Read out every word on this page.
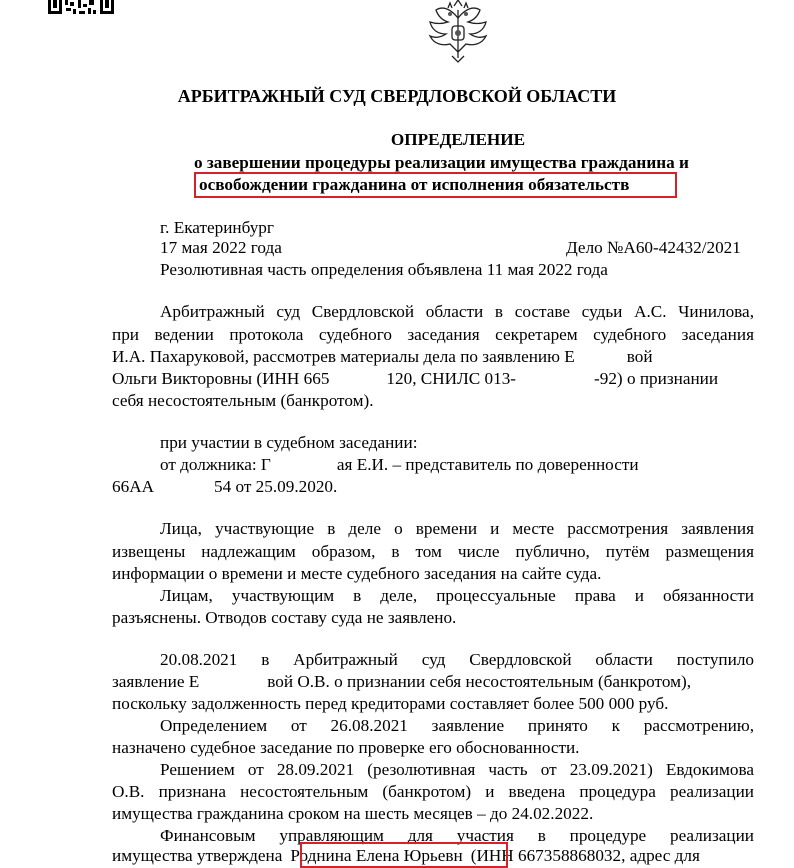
АРБИТРАЖНЫЙ СУД СВЕРДЛОВСКОЙ ОБЛАСТИ
ОПРЕДЕЛЕНИЕ
о завершении процедуры реализации имущества гражданина и
освобождении гражданина от исполнения обязательств
г. Екатеринбург
17 мая 2022 года	Дело №А60-42432/2021
Резолютивная часть определения объявлена 11 мая 2022 года
Арбитражный суд Свердловской области в составе судьи А.С. Чинилова,
при ведении протокола судебного заседания секретарем судебного заседания
И.А. Пахаруковой, рассмотрев материалы дела по заявлению Е	вой
Ольги Викторовны (ИНН 665	120, СНИЛС 013-	-92) о признании
себя несостоятельным (банкротом).
при участии в судебном заседании:
от должника: Г	ая Е.И. – представитель по доверенности
66АА	54 от 25.09.2020.
Лица, участвующие в деле о времени и месте рассмотрения заявления
извещены надлежащим образом, в том числе публично, путём размещения
информации о времени и месте судебного заседания на сайте суда.
Лицам, участвующим в деле, процессуальные права и обязанности
разъяснены. Отводов составу суда не заявлено.
20.08.2021 в Арбитражный суд Свердловской области поступило
заявление Е	вой О.В. о признании себя несостоятельным (банкротом),
поскольку задолженность перед кредиторами составляет более 500 000 руб.
Определением от 26.08.2021 заявление принято к рассмотрению,
назначено судебное заседание по проверке его обоснованности.
Решением от 28.09.2021 (резолютивная часть от 23.09.2021) Евдокимова
О.В. признана несостоятельным (банкротом) и введена процедура реализации
имущества гражданина сроком на шесть месяцев – до 24.02.2022.
Финансовым управляющим для участия в процедуре реализации
имущества утверждена Роднина Елена Юрьевн (ИНН 667358868032, адрес для
